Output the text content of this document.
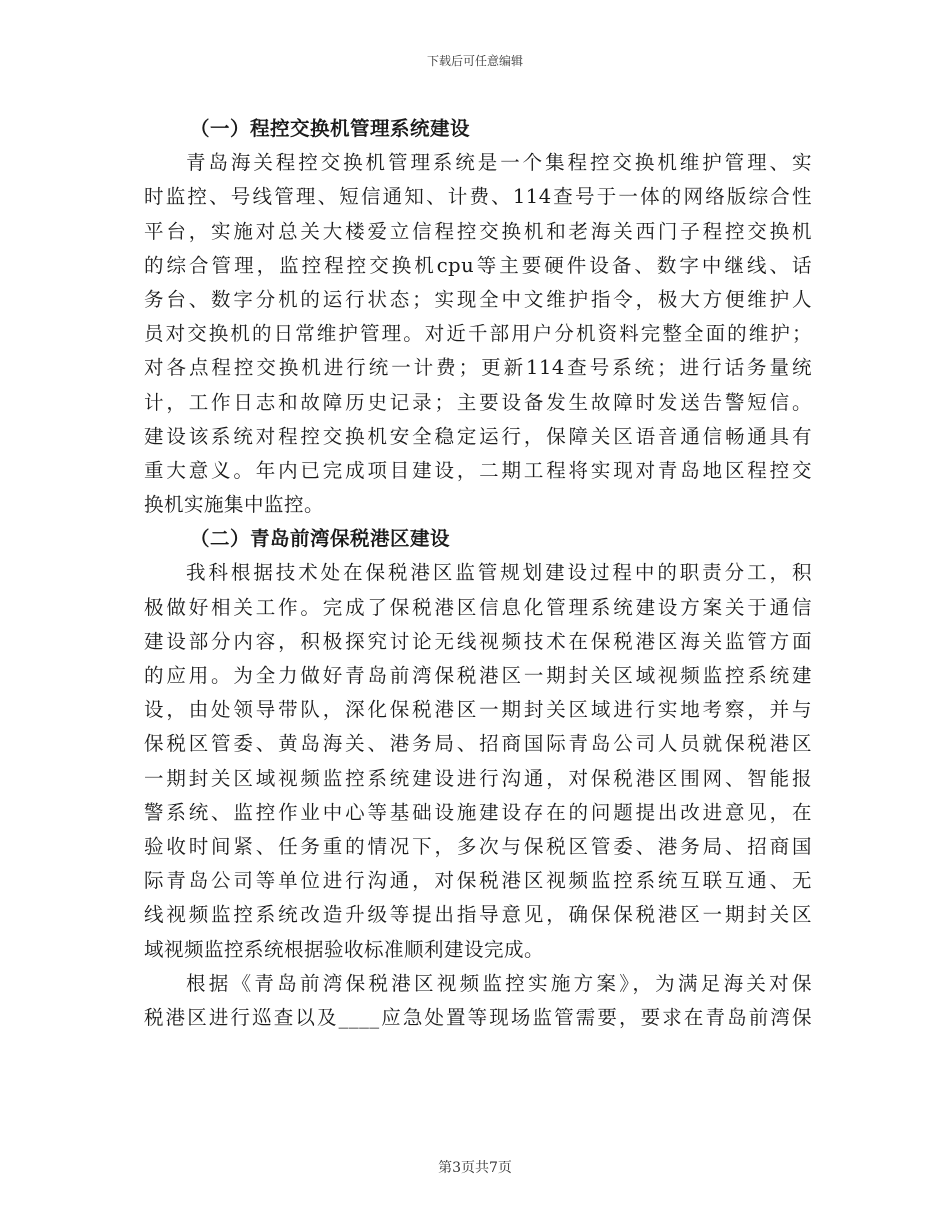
下载后可任意编辑
（一）程控交换机管理系统建设
青岛海关程控交换机管理系统是一个集程控交换机维护管理、实
时监控、号线管理、短信通知、计费、114查号于一体的网络版综合性
平台，实施对总关大楼爱立信程控交换机和老海关西门子程控交换机
的综合管理，监控程控交换机cpu等主要硬件设备、数字中继线、话
务台、数字分机的运行状态；实现全中文维护指令，极大方便维护人
员对交换机的日常维护管理。对近千部用户分机资料完整全面的维护；
对各点程控交换机进行统一计费；更新114查号系统；进行话务量统
计，工作日志和故障历史记录；主要设备发生故障时发送告警短信。
建设该系统对程控交换机安全稳定运行，保障关区语音通信畅通具有
重大意义。年内已完成项目建设，二期工程将实现对青岛地区程控交
换机实施集中监控。
（二）青岛前湾保税港区建设
我科根据技术处在保税港区监管规划建设过程中的职责分工，积
极做好相关工作。完成了保税港区信息化管理系统建设方案关于通信
建设部分内容，积极探究讨论无线视频技术在保税港区海关监管方面
的应用。为全力做好青岛前湾保税港区一期封关区域视频监控系统建
设，由处领导带队，深化保税港区一期封关区域进行实地考察，并与
保税区管委、黄岛海关、港务局、招商国际青岛公司人员就保税港区
一期封关区域视频监控系统建设进行沟通，对保税港区围网、智能报
警系统、监控作业中心等基础设施建设存在的问题提出改进意见，在
验收时间紧、任务重的情况下，多次与保税区管委、港务局、招商国
际青岛公司等单位进行沟通，对保税港区视频监控系统互联互通、无
线视频监控系统改造升级等提出指导意见，确保保税港区一期封关区
域视频监控系统根据验收标准顺利建设完成。
根据《青岛前湾保税港区视频监控实施方案》，为满足海关对保
税港区进行巡查以及____应急处置等现场监管需要，要求在青岛前湾保
第3页共7页
